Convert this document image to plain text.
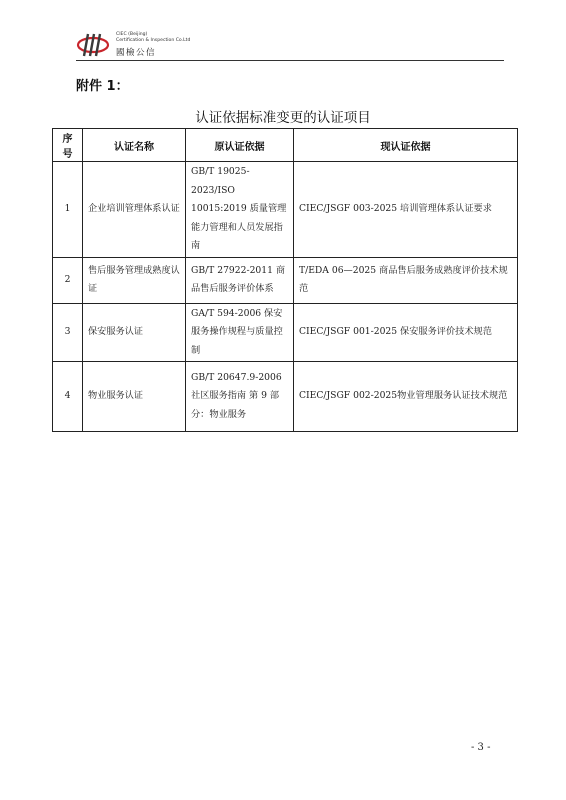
CIEC (Beijing)
Certification & Inspection Co.Ltd
國檢公信
附件 1：
认证依据标准变更的认证项目
序号	认证名称	原认证依据	现认证依据
1	企业培训管理体系认证	GB/T 19025-2023/ISO 10015:2019 质量管理 能力管理和人员发展指南	CIEC/JSGF 003-2025 培训管理体系认证要求
2	售后服务管理成熟度认证	GB/T 27922-2011 商品售后服务评价体系	T/EDA 06—2025 商品售后服务成熟度评价技术规范
3	保安服务认证	GA/T 594-2006 保安服务操作规程与质量控制	CIEC/JSGF 001-2025 保安服务评价技术规范
4	物业服务认证	GB/T 20647.9-2006 社区服务指南 第 9 部分：物业服务	CIEC/JSGF 002-2025物业管理服务认证技术规范
- 3 -
